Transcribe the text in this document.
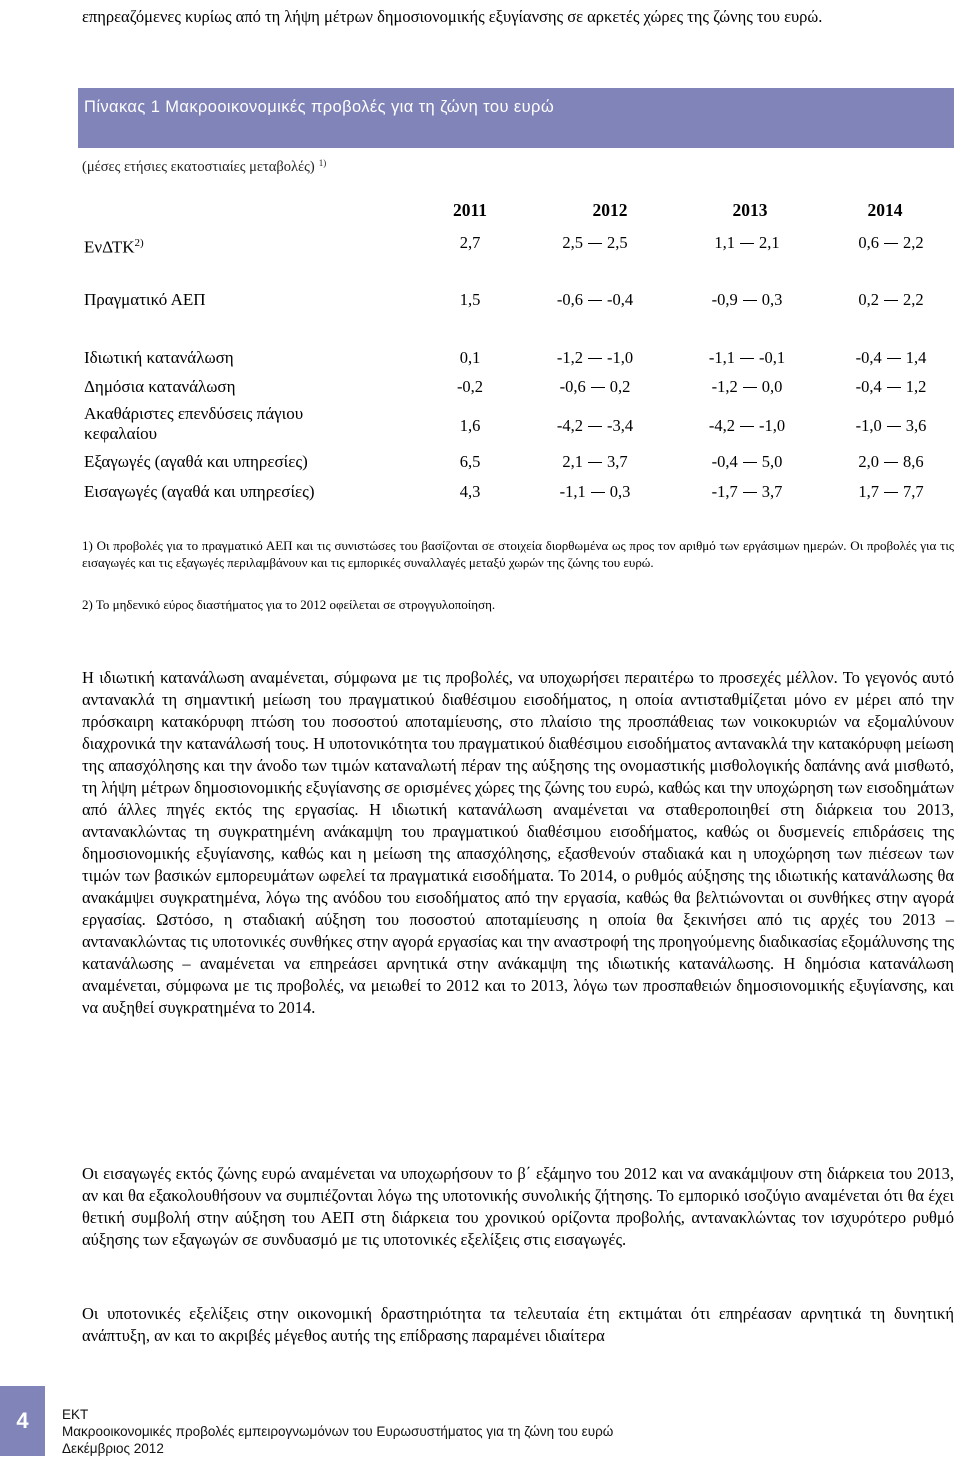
επηρεαζόμενες κυρίως από τη λήψη μέτρων δημοσιονομικής εξυγίανσης σε αρκετές χώρες της ζώνης του ευρώ.
Πίνακας 1 Μακροοικονομικές προβολές για τη ζώνη του ευρώ
(μέσες ετήσιες εκατοστιαίες μεταβολές) $^{1)}$
2011	2012	2013	2014
ΕνΔΤΚ$^{2)}$	2,7	2,5 2,5	1,1 2,1	0,6 2,2
Πραγματικό ΑΕΠ	1,5	-0,6 -0,4	-0,9 0,3	0,2 2,2
Ιδιωτική κατανάλωση	0,1	-1,2 -1,0	-1,1 -0,1	-0,4 1,4
Δημόσια κατανάλωση	-0,2	-0,6 0,2	-1,2 0,0	-0,4 1,2
Ακαθάριστες επενδύσεις πάγιου κεφαλαίου	1,6	-4,2 -3,4	-4,2 -1,0	-1,0 3,6
Εξαγωγές (αγαθά και υπηρεσίες)	6,5	2,1 3,7	-0,4 5,0	2,0 8,6
Εισαγωγές (αγαθά και υπηρεσίες)	4,3	-1,1 0,3	-1,7 3,7	1,7 7,7
1) Οι προβολές για το πραγματικό ΑΕΠ και τις συνιστώσες του βασίζονται σε στοιχεία διορθωμένα ως προς τον αριθμό των εργάσιμων ημερών. Οι προβολές για τις εισαγωγές και τις εξαγωγές περιλαμβάνουν και τις εμπορικές συναλλαγές μεταξύ χωρών της ζώνης του ευρώ.
2) Το μηδενικό εύρος διαστήματος για το 2012 οφείλεται σε στρογγυλοποίηση.
Η ιδιωτική κατανάλωση αναμένεται, σύμφωνα με τις προβολές, να υποχωρήσει περαιτέρω το προσεχές μέλλον. Το γεγονός αυτό αντανακλά τη σημαντική μείωση του πραγματικού διαθέσιμου εισοδήματος, η οποία αντισταθμίζεται μόνο εν μέρει από την πρόσκαιρη κατακόρυφη πτώση του ποσοστού αποταμίευσης, στο πλαίσιο της προσπάθειας των νοικοκυριών να εξομαλύνουν διαχρονικά την κατανάλωσή τους. Η υποτονικότητα του πραγματικού διαθέσιμου εισοδήματος αντανακλά την κατακόρυφη μείωση της απασχόλησης και την άνοδο των τιμών καταναλωτή πέραν της αύξησης της ονομαστικής μισθολογικής δαπάνης ανά μισθωτό, τη λήψη μέτρων δημοσιονομικής εξυγίανσης σε ορισμένες χώρες της ζώνης του ευρώ, καθώς και την υποχώρηση των εισοδημάτων από άλλες πηγές εκτός της εργασίας. Η ιδιωτική κατανάλωση αναμένεται να σταθεροποιηθεί στη διάρκεια του 2013, αντανακλώντας τη συγκρατημένη ανάκαμψη του πραγματικού διαθέσιμου εισοδήματος, καθώς οι δυσμενείς επιδράσεις της δημοσιονομικής εξυγίανσης, καθώς και η μείωση της απασχόλησης, εξασθενούν σταδιακά και η υποχώρηση των πιέσεων των τιμών των βασικών εμπορευμάτων ωφελεί τα πραγματικά εισοδήματα. Το 2014, ο ρυθμός αύξησης της ιδιωτικής κατανάλωσης θα ανακάμψει συγκρατημένα, λόγω της ανόδου του εισοδήματος από την εργασία, καθώς θα βελτιώνονται οι συνθήκες στην αγορά εργασίας. Ωστόσο, η σταδιακή αύξηση του ποσοστού αποταμίευσης η οποία θα ξεκινήσει από τις αρχές του 2013 – αντανακλώντας τις υποτονικές συνθήκες στην αγορά εργασίας και την αναστροφή της προηγούμενης διαδικασίας εξομάλυνσης της κατανάλωσης – αναμένεται να επηρεάσει αρνητικά στην ανάκαμψη της ιδιωτικής κατανάλωσης. Η δημόσια κατανάλωση αναμένεται, σύμφωνα με τις προβολές, να μειωθεί το 2012 και το 2013, λόγω των προσπαθειών δημοσιονομικής εξυγίανσης, και να αυξηθεί συγκρατημένα το 2014.
Οι εισαγωγές εκτός ζώνης ευρώ αναμένεται να υποχωρήσουν το β΄ εξάμηνο του 2012 και να ανακάμψουν στη διάρκεια του 2013, αν και θα εξακολουθήσουν να συμπιέζονται λόγω της υποτονικής συνολικής ζήτησης. Το εμπορικό ισοζύγιο αναμένεται ότι θα έχει θετική συμβολή στην αύξηση του ΑΕΠ στη διάρκεια του χρονικού ορίζοντα προβολής, αντανακλώντας τον ισχυρότερο ρυθμό αύξησης των εξαγωγών σε συνδυασμό με τις υποτονικές εξελίξεις στις εισαγωγές.
Οι υποτονικές εξελίξεις στην οικονομική δραστηριότητα τα τελευταία έτη εκτιμάται ότι επηρέασαν αρνητικά τη δυνητική ανάπτυξη, αν και το ακριβές μέγεθος αυτής της επίδρασης παραμένει ιδιαίτερα
4	ΕΚΤ
Μακροοικονομικές προβολές εμπειρογνωμόνων του Ευρωσυστήματος για τη ζώνη του ευρώ
Δεκέμβριος 2012
